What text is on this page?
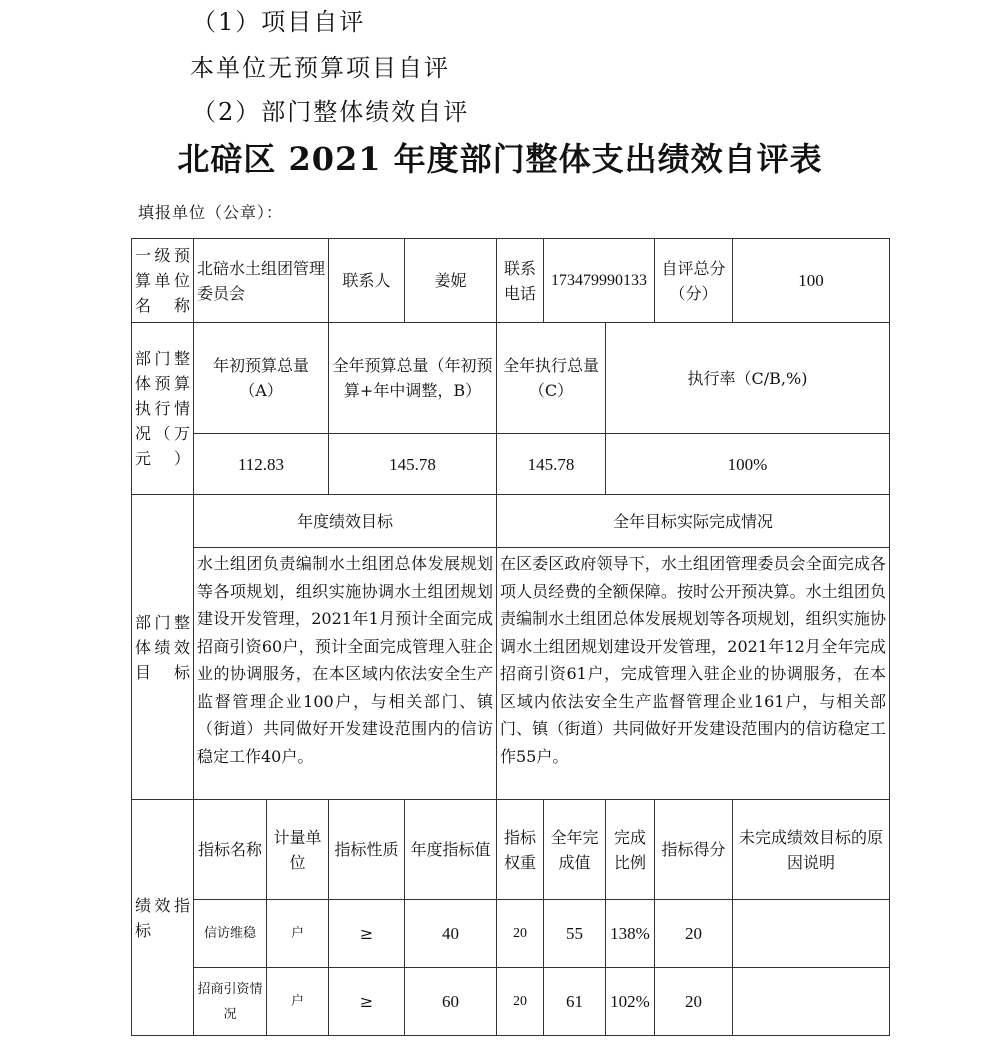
（1）项目自评
本单位无预算项目自评
（2）部门整体绩效自评
北碚区 2021 年度部门整体支出绩效自评表
填报单位（公章）：
一级预算单位名称	北碚水土组团管理委员会		联系人	姜妮	联系电话	173479990133		自评总分（分）	100
部门整体预算执行情况（万元）	年初预算总量（A）		全年预算总量（年初预算+年中调整，B）		全年执行总量（C）		执行率（C/B,%)		
	112.83		145.78		145.78		100%		
部门整体绩效目标	年度绩效目标				全年目标实际完成情况				
	水土组团负责编制水土组团总体发展规划等各项规划，组织实施协调水土组团规划建设开发管理，2021年1月预计全面完成招商引资60户，预计全面完成管理入驻企业的协调服务，在本区域内依法安全生产监督管理企业100户，与相关部门、镇（街道）共同做好开发建设范围内的信访稳定工作40户。				在区委区政府领导下，水土组团管理委员会全面完成各项人员经费的全额保障。按时公开预决算。水土组团负责编制水土组团总体发展规划等各项规划，组织实施协调水土组团规划建设开发管理，2021年12月全年完成招商引资61户，完成管理入驻企业的协调服务，在本区域内依法安全生产监督管理企业161户，与相关部门、镇（街道）共同做好开发建设范围内的信访稳定工作55户。				
绩效指标	指标名称	计量单位	指标性质	年度指标值	指标权重	全年完成值	完成比例	指标得分	未完成绩效目标的原因说明
	信访维稳	户	≥	40	20	55	138%	20	
	招商引资情况	户	≥	60	20	61	102%	20	
